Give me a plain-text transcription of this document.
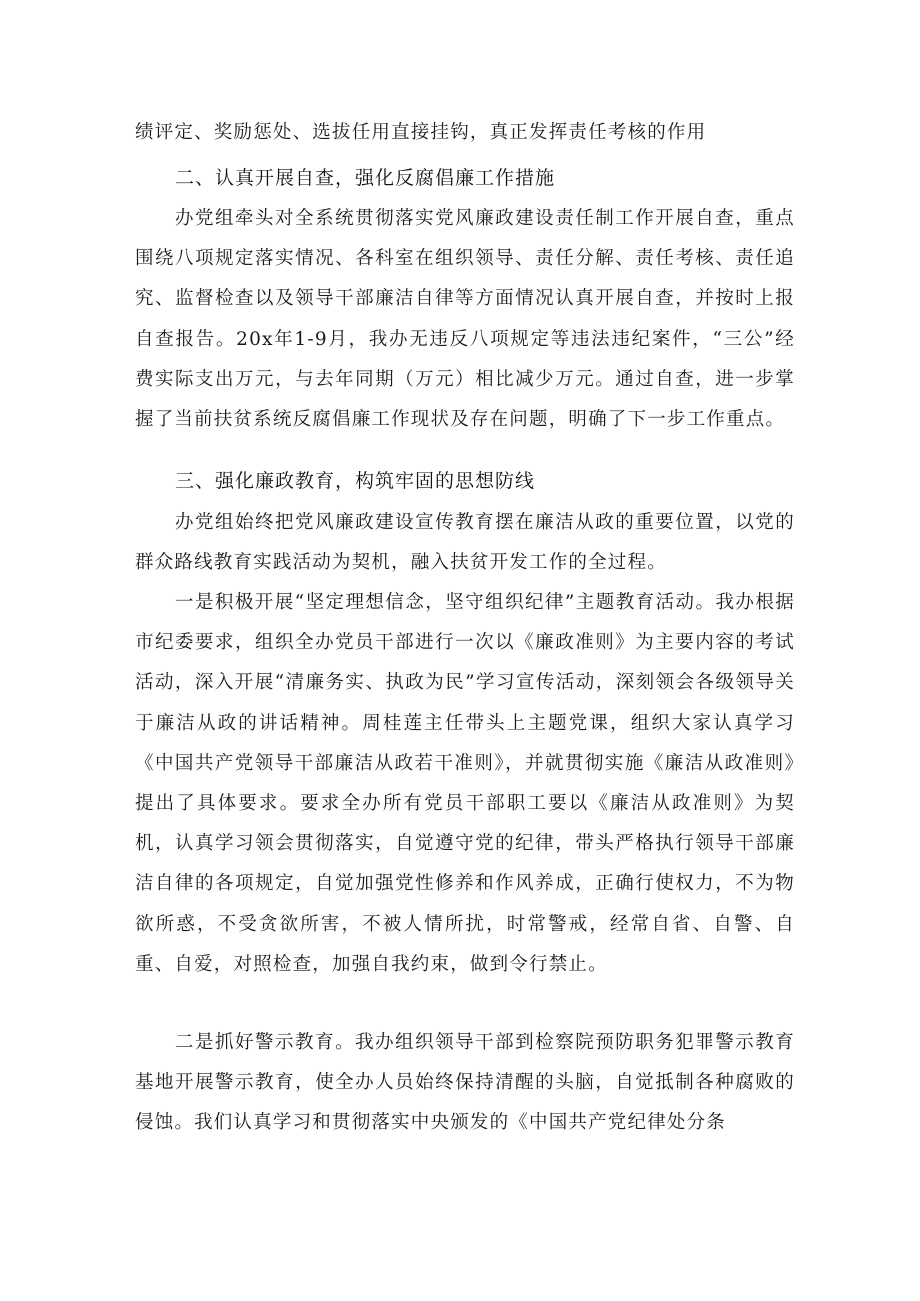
绩评定、奖励惩处、选拔任用直接挂钩，真正发挥责任考核的作用

二、认真开展自查，强化反腐倡廉工作措施

办党组牵头对全系统贯彻落实党风廉政建设责任制工作开展自查，重点围绕八项规定落实情况、各科室在组织领导、责任分解、责任考核、责任追究、监督检查以及领导干部廉洁自律等方面情况认真开展自查，并按时上报自查报告。20x年1-9月，我办无违反八项规定等违法违纪案件，“三公”经费实际支出万元，与去年同期（万元）相比减少万元。通过自查，进一步掌握了当前扶贫系统反腐倡廉工作现状及存在问题，明确了下一步工作重点。

三、强化廉政教育，构筑牢固的思想防线

办党组始终把党风廉政建设宣传教育摆在廉洁从政的重要位置，以党的群众路线教育实践活动为契机，融入扶贫开发工作的全过程。

一是积极开展“坚定理想信念，坚守组织纪律”主题教育活动。我办根据市纪委要求，组织全办党员干部进行一次以《廉政准则》为主要内容的考试活动，深入开展“清廉务实、执政为民”学习宣传活动，深刻领会各级领导关于廉洁从政的讲话精神。周桂莲主任带头上主题党课，组织大家认真学习《中国共产党领导干部廉洁从政若干准则》，并就贯彻实施《廉洁从政准则》提出了具体要求。要求全办所有党员干部职工要以《廉洁从政准则》为契机，认真学习领会贯彻落实，自觉遵守党的纪律，带头严格执行领导干部廉洁自律的各项规定，自觉加强党性修养和作风养成，正确行使权力，不为物欲所惑，不受贪欲所害，不被人情所扰，时常警戒，经常自省、自警、自重、自爱，对照检查，加强自我约束，做到令行禁止。

二是抓好警示教育。我办组织领导干部到检察院预防职务犯罪警示教育基地开展警示教育，使全办人员始终保持清醒的头脑，自觉抵制各种腐败的侵蚀。我们认真学习和贯彻落实中央颁发的《中国共产党纪律处分条
